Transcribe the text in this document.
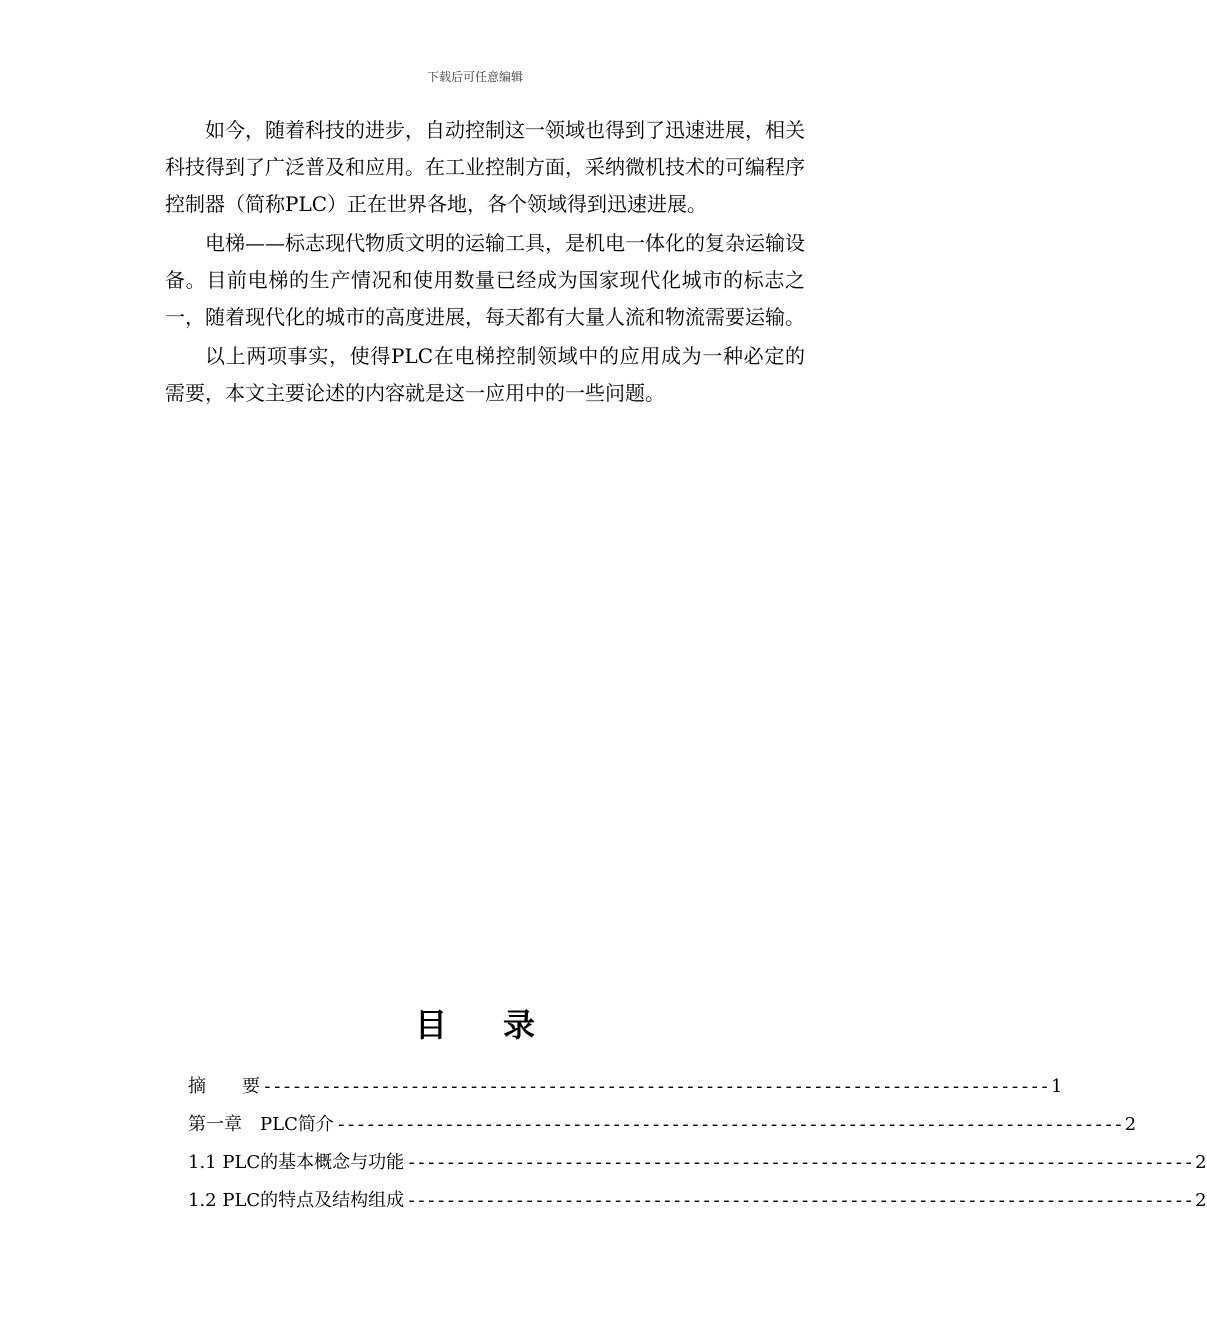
下载后可任意编辑

如今，随着科技的进步，自动控制这一领域也得到了迅速进展，相关科技得到了广泛普及和应用。在工业控制方面，采纳微机技术的可编程序控制器（简称PLC）正在世界各地，各个领域得到迅速进展。

电梯——标志现代物质文明的运输工具，是机电一体化的复杂运输设备。目前电梯的生产情况和使用数量已经成为国家现代化城市的标志之一，随着现代化的城市的高度进展，每天都有大量人流和物流需要运输。

以上两项事实，使得PLC在电梯控制领域中的应用成为一种必定的需要，本文主要论述的内容就是这一应用中的一些问题。

目录
摘　　要 -------------------------------------------------------------------------------- 1
第一章　PLC简介 -------------------------------------------------------------------------------- 2
1.1 PLC的基本概念与功能 -------------------------------------------------------------------------------- 2
1.2 PLC的特点及结构组成 -------------------------------------------------------------------------------- 2
